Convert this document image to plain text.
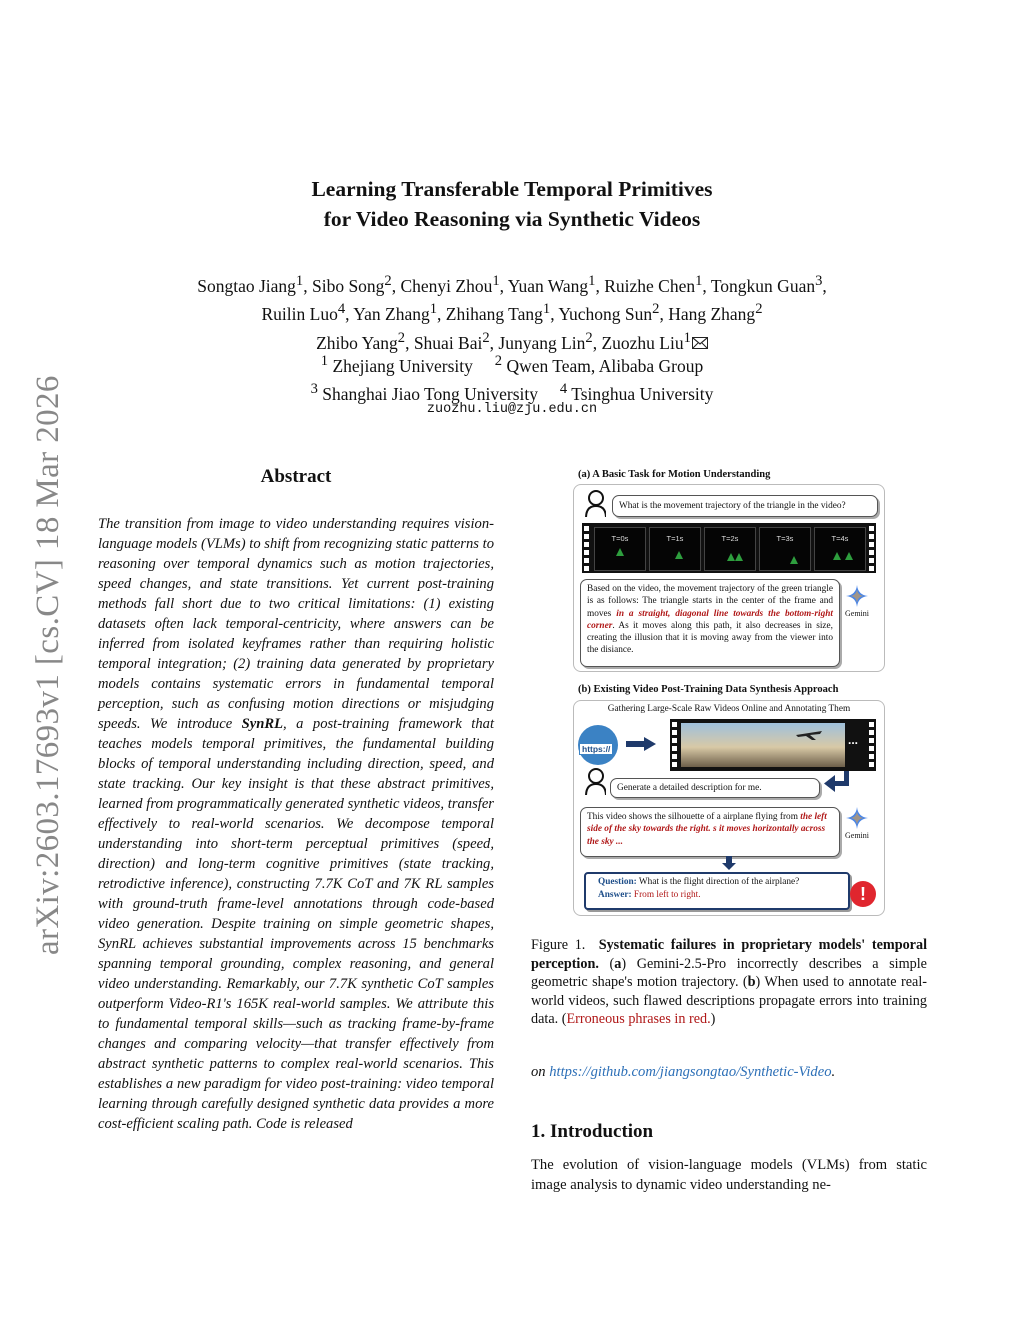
arXiv:2603.17693v1 [cs.CV] 18 Mar 2026
Learning Transferable Temporal Primitives
for Video Reasoning via Synthetic Videos
Songtao Jiang$^1$, Sibo Song$^2$, Chenyi Zhou$^1$, Yuan Wang$^1$, Ruizhe Chen$^1$, Tongkun Guan$^3$,
Ruilin Luo$^4$, Yan Zhang$^1$, Zhihang Tang$^1$, Yuchong Sun$^2$, Hang Zhang$^2$
Zhibo Yang$^2$, Shuai Bai$^2$, Junyang Lin$^2$, Zuozhu Liu$^1$
$^1$ Zhejiang University $^2$ Qwen Team, Alibaba Group
$^3$ Shanghai Jiao Tong University $^4$ Tsinghua University
zuozhu.liu@zju.edu.cn
Abstract
The transition from image to video understanding requires vision-language models (VLMs) to shift from recognizing static patterns to reasoning over temporal dynamics such as motion trajectories, speed changes, and state transitions. Yet current post-training methods fall short due to two critical limitations: (1) existing datasets often lack temporal-centricity, where answers can be inferred from isolated keyframes rather than requiring holistic temporal integration; (2) training data generated by proprietary models contains systematic errors in fundamental temporal perception, such as confusing motion directions or misjudging speeds. We introduce SynRL, a post-training framework that teaches models temporal primitives, the fundamental building blocks of temporal understanding including direction, speed, and state tracking. Our key insight is that these abstract primitives, learned from programmatically generated synthetic videos, transfer effectively to real-world scenarios. We decompose temporal understanding into short-term perceptual primitives (speed, direction) and long-term cognitive primitives (state tracking, retrodictive inference), constructing 7.7K CoT and 7K RL samples with ground-truth frame-level annotations through code-based video generation. Despite training on simple geometric shapes, SynRL achieves substantial improvements across 15 benchmarks spanning temporal grounding, complex reasoning, and general video understanding. Remarkably, our 7.7K synthetic CoT samples outperform Video-R1's 165K real-world samples. We attribute this to fundamental temporal skills—such as tracking frame-by-frame changes and comparing velocity—that transfer effectively from abstract synthetic patterns to complex real-world scenarios. This establishes a new paradigm for video post-training: video temporal learning through carefully designed synthetic data provides a more cost-efficient scaling path. Code is released
(a) A Basic Task for Motion Understanding
What is the movement trajectory of the triangle in the video?
T=0s	T=1s	T=2s	T=3s	T=4s
Based on the video, the movement trajectory of the green triangle is as follows: The triangle starts in the center of the frame and moves in a straight, diagonal line towards the bottom-right corner. As it moves along this path, it also decreases in size, creating the illusion that it is moving away from the viewer into the disiance.
Gemini
(b) Existing Video Post-Training Data Synthesis Approach
Gathering Large-Scale Raw Videos Online and Annotating Them
https://
...
Generate a detailed description for me.
This video shows the silhouette of a airplane flying from the left side of the sky towards the right. s it moves horizontally across the sky ...
Gemini
Question: What is the flight direction of the airplane?
Answer: From left to right.	!
Figure 1. Systematic failures in proprietary models' temporal perception. (a) Gemini-2.5-Pro incorrectly describes a simple geometric shape's motion trajectory. (b) When used to annotate real-world videos, such flawed descriptions propagate errors into training data. (Erroneous phrases in red.)
on https://github.com/jiangsongtao/Synthetic-Video.
1. Introduction
The evolution of vision-language models (VLMs) from static image analysis to dynamic video understanding ne-
